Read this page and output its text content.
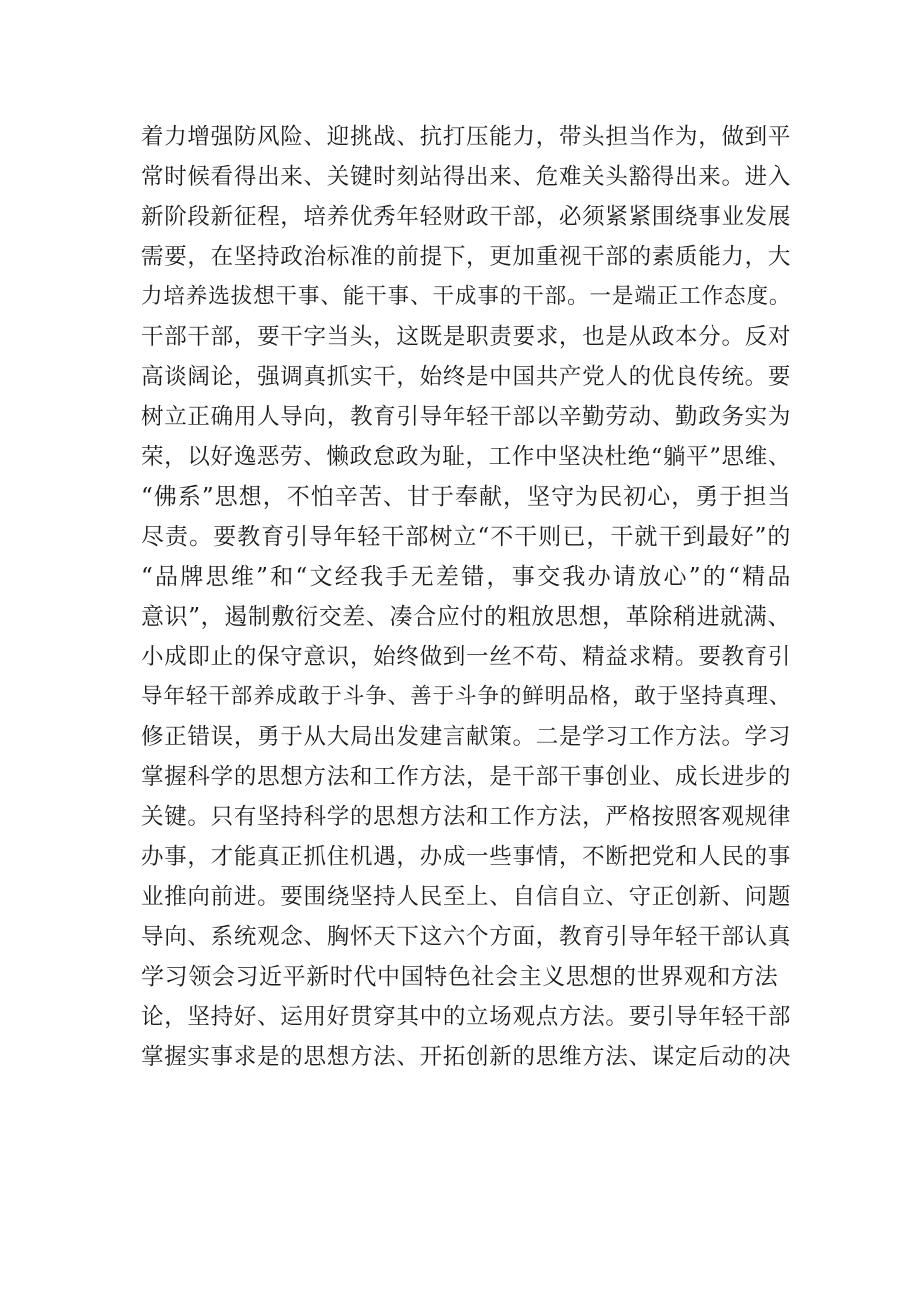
着力增强防风险、迎挑战、抗打压能力，带头担当作为，做到平
常时候看得出来、关键时刻站得出来、危难关头豁得出来。进入
新阶段新征程，培养优秀年轻财政干部，必须紧紧围绕事业发展
需要，在坚持政治标准的前提下，更加重视干部的素质能力，大
力培养选拔想干事、能干事、干成事的干部。一是端正工作态度。
干部干部，要干字当头，这既是职责要求，也是从政本分。反对
高谈阔论，强调真抓实干，始终是中国共产党人的优良传统。要
树立正确用人导向，教育引导年轻干部以辛勤劳动、勤政务实为
荣，以好逸恶劳、懒政怠政为耻，工作中坚决杜绝“躺平”思维、
“佛系”思想，不怕辛苦、甘于奉献，坚守为民初心，勇于担当
尽责。要教育引导年轻干部树立“不干则已，干就干到最好”的
“品牌思维”和“文经我手无差错，事交我办请放心”的“精品
意识”，遏制敷衍交差、凑合应付的粗放思想，革除稍进就满、
小成即止的保守意识，始终做到一丝不苟、精益求精。要教育引
导年轻干部养成敢于斗争、善于斗争的鲜明品格，敢于坚持真理、
修正错误，勇于从大局出发建言献策。二是学习工作方法。学习
掌握科学的思想方法和工作方法，是干部干事创业、成长进步的
关键。只有坚持科学的思想方法和工作方法，严格按照客观规律
办事，才能真正抓住机遇，办成一些事情，不断把党和人民的事
业推向前进。要围绕坚持人民至上、自信自立、守正创新、问题
导向、系统观念、胸怀天下这六个方面，教育引导年轻干部认真
学习领会习近平新时代中国特色社会主义思想的世界观和方法
论，坚持好、运用好贯穿其中的立场观点方法。要引导年轻干部
掌握实事求是的思想方法、开拓创新的思维方法、谋定后动的决
